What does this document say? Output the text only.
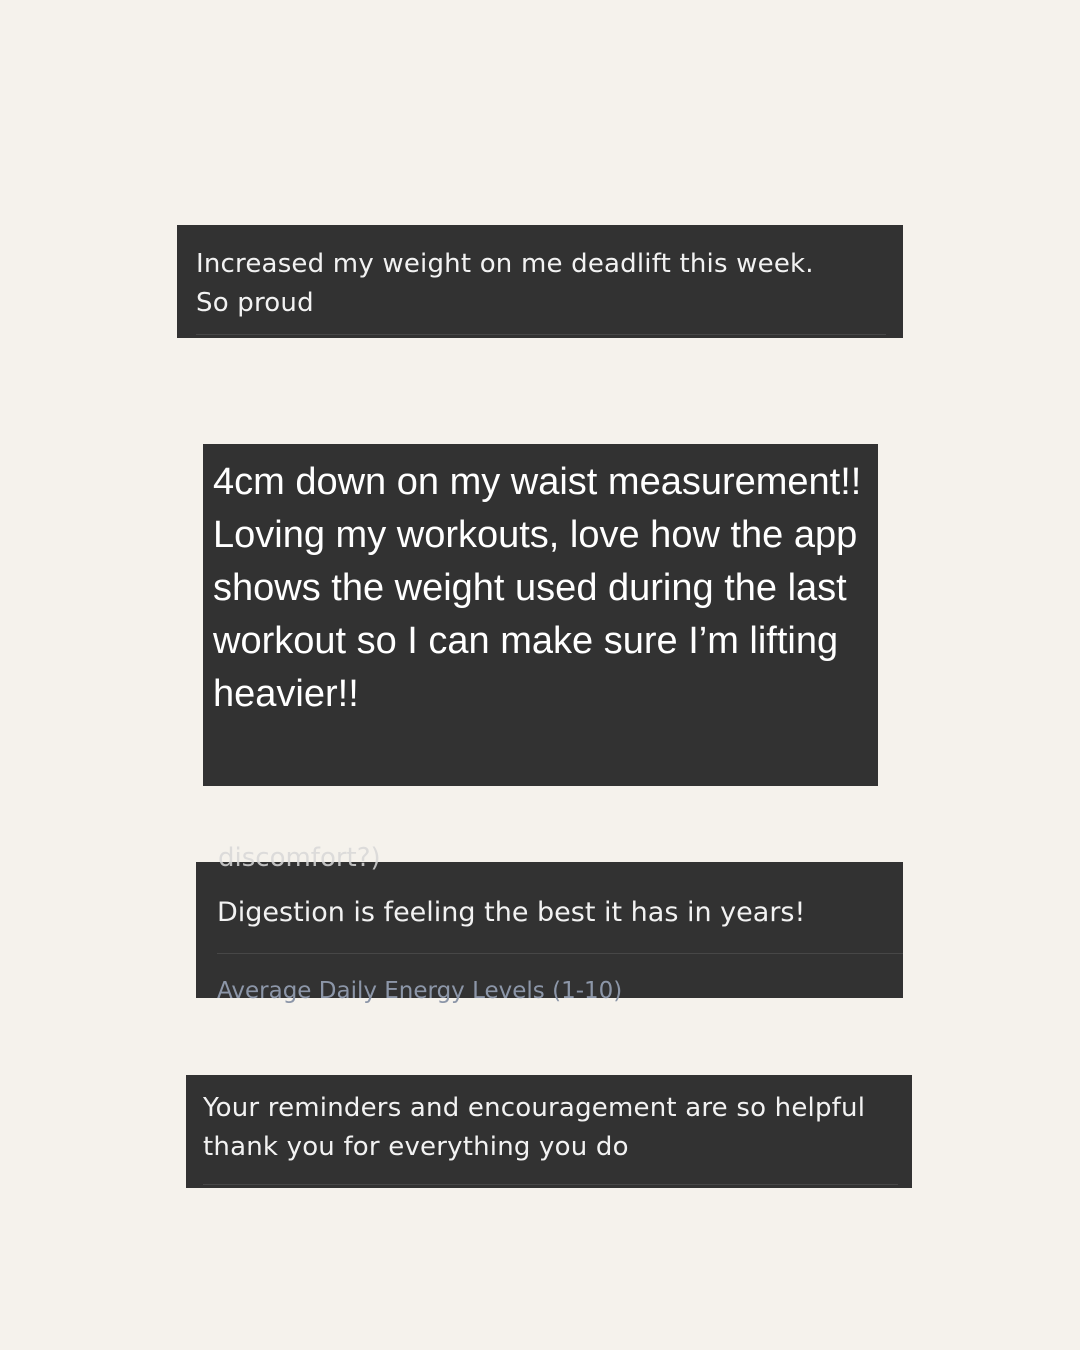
Increased my weight on me deadlift this week.
So proud
4cm down on my waist measurement!!
Loving my workouts, love how the app shows the weight used during the last workout so I can make sure I’m lifting heavier!!
discomfort?)
Digestion is feeling the best it has in years!
Average Daily Energy Levels (1-10)
Your reminders and encouragement are so helpful thank you for everything you do
